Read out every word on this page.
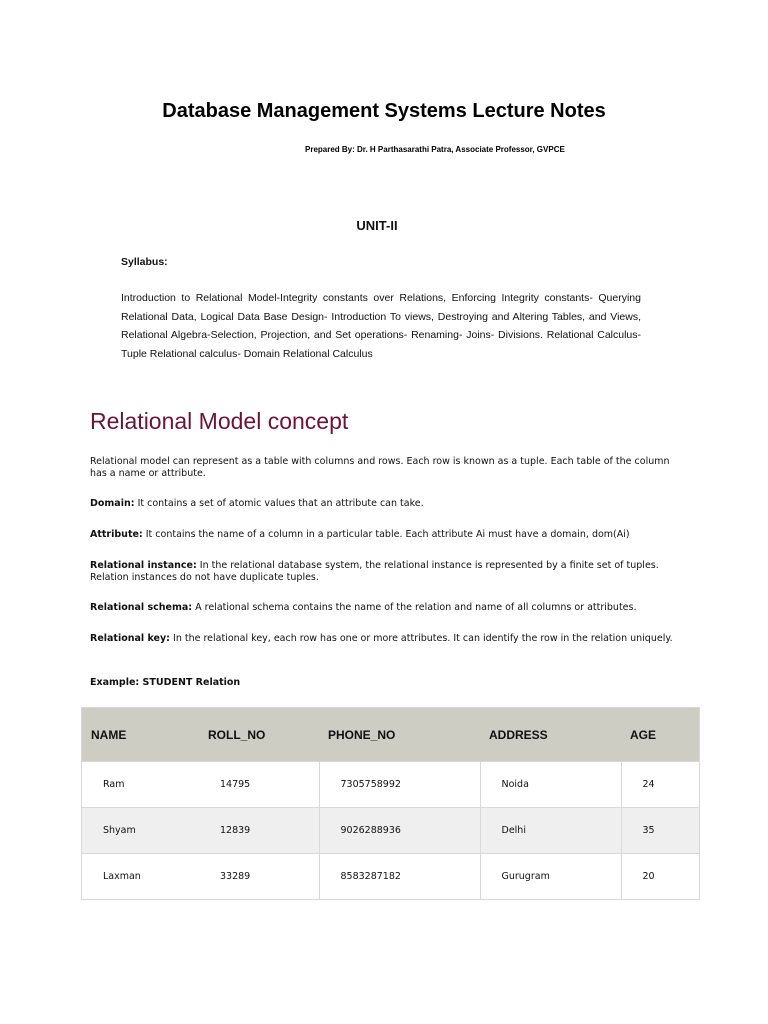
Database Management Systems Lecture Notes
Prepared By: Dr. H Parthasarathi Patra, Associate Professor, GVPCE
UNIT-II
Syllabus:
Introduction to Relational Model-Integrity constants over Relations, Enforcing Integrity constants- Querying Relational Data, Logical Data Base Design- Introduction To views, Destroying and Altering Tables, and Views, Relational Algebra-Selection, Projection, and Set operations- Renaming- Joins- Divisions. Relational Calculus- Tuple Relational calculus- Domain Relational Calculus
Relational Model concept
Relational model can represent as a table with columns and rows. Each row is known as a tuple. Each table of the column has a name or attribute.
Domain: It contains a set of atomic values that an attribute can take.
Attribute: It contains the name of a column in a particular table. Each attribute Ai must have a domain, dom(Ai)
Relational instance: In the relational database system, the relational instance is represented by a finite set of tuples. Relation instances do not have duplicate tuples.
Relational schema: A relational schema contains the name of the relation and name of all columns or attributes.
Relational key: In the relational key, each row has one or more attributes. It can identify the row in the relation uniquely.
Example: STUDENT Relation
NAME	ROLL_NO	PHONE_NO	ADDRESS	AGE
Ram	14795	7305758992	Noida	24
Shyam	12839	9026288936	Delhi	35
Laxman	33289	8583287182	Gurugram	20
